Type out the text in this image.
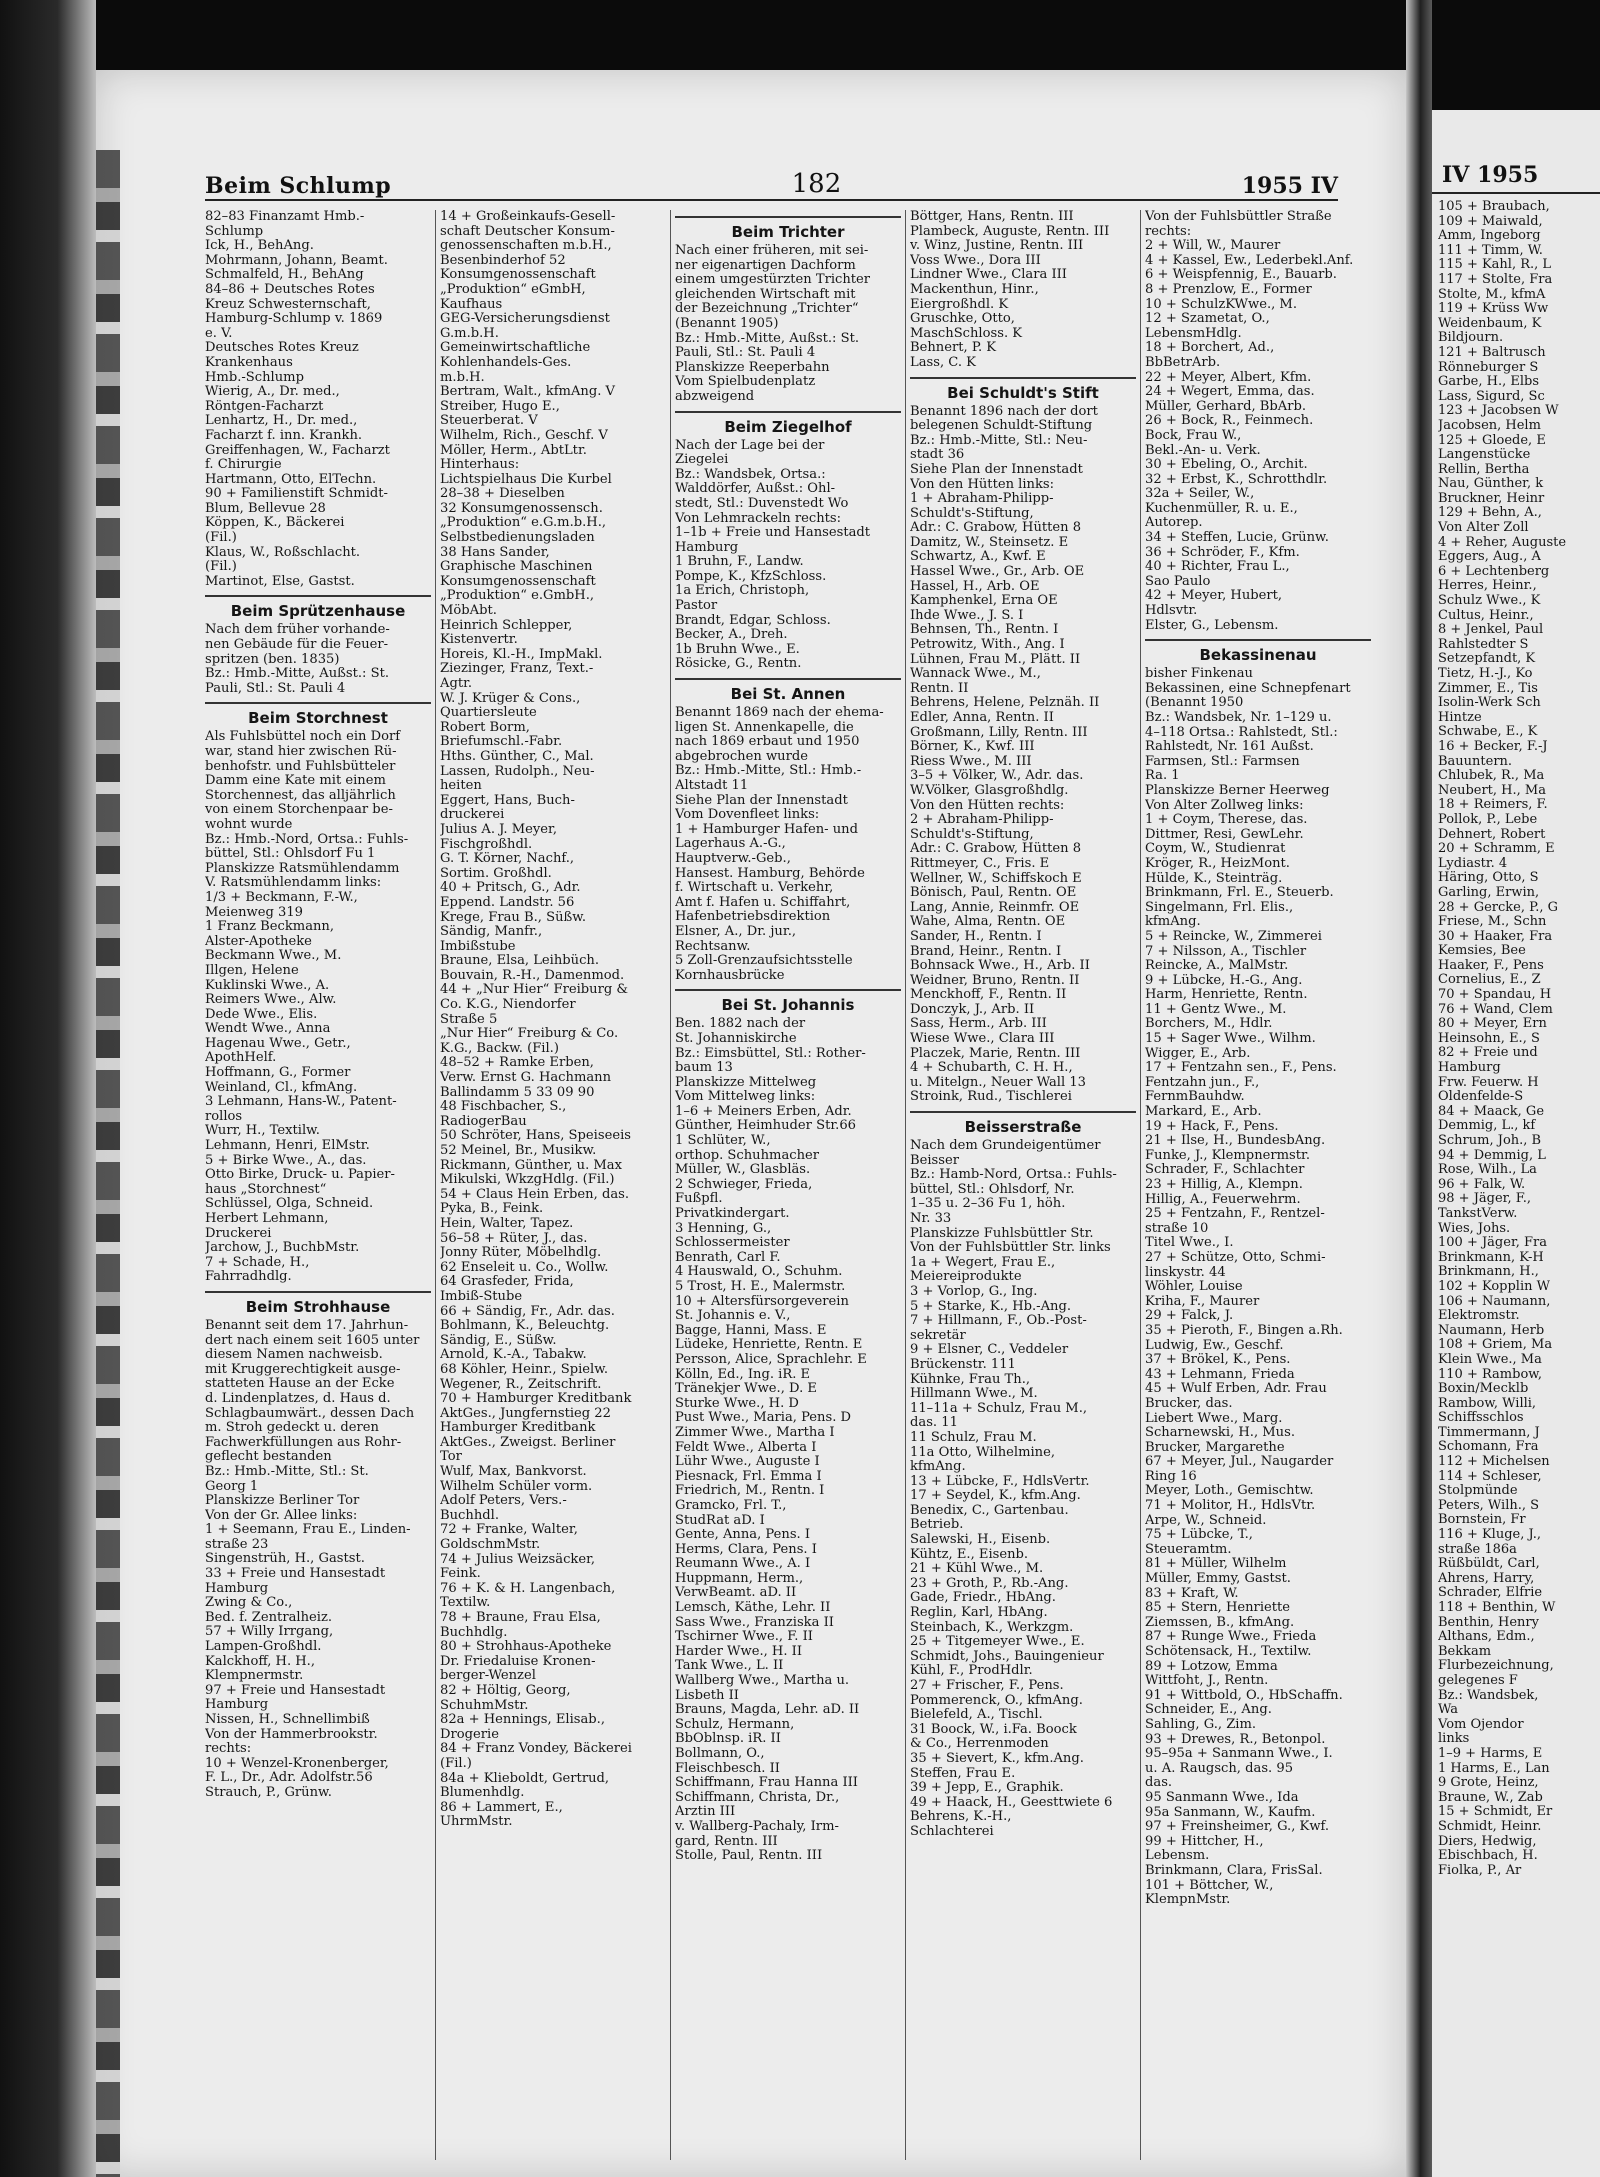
Beim Schlump	182	1955 IV
82–83 Finanzamt Hmb.-
Schlump
Ick, H., BehAng.
Mohrmann, Johann, Beamt.
Schmalfeld, H., BehAng
84–86 + Deutsches Rotes
Kreuz Schwesternschaft,
Hamburg-Schlump v. 1869
e. V.
Deutsches Rotes Kreuz
Krankenhaus
Hmb.-Schlump
Wierig, A., Dr. med.,
Röntgen-Facharzt
Lenhartz, H., Dr. med.,
Facharzt f. inn. Krankh.
Greiffenhagen, W., Facharzt
f. Chirurgie
Hartmann, Otto, ElTechn.
90 + Familienstift Schmidt-
Blum, Bellevue 28
Köppen, K., Bäckerei
(Fil.)
Klaus, W., Roßschlacht.
(Fil.)
Martinot, Else, Gastst.
Beim Sprützenhause
Nach dem früher vorhande-
nen Gebäude für die Feuer-
spritzen (ben. 1835)
Bz.: Hmb.-Mitte, Außst.: St.
Pauli, Stl.: St. Pauli 4
Beim Storchnest
Als Fuhlsbüttel noch ein Dorf
war, stand hier zwischen Rü-
benhofstr. und Fuhlsbütteler
Damm eine Kate mit einem
Storchennest, das alljährlich
von einem Storchenpaar be-
wohnt wurde
Bz.: Hmb.-Nord, Ortsa.: Fuhls-
büttel, Stl.: Ohlsdorf Fu 1
Planskizze Ratsmühlendamm
V. Ratsmühlendamm links:
1/3 + Beckmann, F.-W.,
Meienweg 319
1 Franz Beckmann,
Alster-Apotheke
Beckmann Wwe., M.
Illgen, Helene
Kuklinski Wwe., A.
Reimers Wwe., Alw.
Dede Wwe., Elis.
Wendt Wwe., Anna
Hagenau Wwe., Getr.,
ApothHelf.
Hoffmann, G., Former
Weinland, Cl., kfmAng.
3 Lehmann, Hans-W., Patent-
rollos
Wurr, H., Textilw.
Lehmann, Henri, ElMstr.
5 + Birke Wwe., A., das.
Otto Birke, Druck- u. Papier-
haus „Storchnest“
Schlüssel, Olga, Schneid.
Herbert Lehmann,
Druckerei
Jarchow, J., BuchbMstr.
7 + Schade, H.,
Fahrradhdlg.
Beim Strohhause
Benannt seit dem 17. Jahrhun-
dert nach einem seit 1605 unter
diesem Namen nachweisb.
mit Kruggerechtigkeit ausge-
statteten Hause an der Ecke
d. Lindenplatzes, d. Haus d.
Schlagbaumwärt., dessen Dach
m. Stroh gedeckt u. deren
Fachwerkfüllungen aus Rohr-
geflecht bestanden
Bz.: Hmb.-Mitte, Stl.: St.
Georg 1
Planskizze Berliner Tor
Von der Gr. Allee links:
1 + Seemann, Frau E., Linden-
straße 23
Singenstrüh, H., Gastst.
33 + Freie und Hansestadt
Hamburg
Zwing & Co.,
Bed. f. Zentralheiz.
57 + Willy Irrgang,
Lampen-Großhdl.
Kalckhoff, H. H.,
Klempnermstr.
97 + Freie und Hansestadt
Hamburg
Nissen, H., Schnellimbiß
Von der Hammerbrookstr.
rechts:
10 + Wenzel-Kronenberger,
F. L., Dr., Adr. Adolfstr.56
Strauch, P., Grünw.
14 + Großeinkaufs-Gesell-
schaft Deutscher Konsum-
genossenschaften m.b.H.,
Besenbinderhof 52
Konsumgenossenschaft
„Produktion“ eGmbH,
Kaufhaus
GEG-Versicherungsdienst
G.m.b.H.
Gemeinwirtschaftliche
Kohlenhandels-Ges.
m.b.H.
Bertram, Walt., kfmAng. V
Streiber, Hugo E.,
Steuerberat. V
Wilhelm, Rich., Geschf. V
Möller, Herm., AbtLtr.
Hinterhaus:
Lichtspielhaus Die Kurbel
28–38 + Dieselben
32 Konsumgenossensch.
„Produktion“ e.G.m.b.H.,
Selbstbedienungsladen
38 Hans Sander,
Graphische Maschinen
Konsumgenossenschaft
„Produktion“ e.GmbH.,
MöbAbt.
Heinrich Schlepper,
Kistenvertr.
Horeis, Kl.-H., ImpMakl.
Ziezinger, Franz, Text.-
Agtr.
W. J. Krüger & Cons.,
Quartiersleute
Robert Borm,
Briefumschl.-Fabr.
Hths. Günther, C., Mal.
Lassen, Rudolph., Neu-
heiten
Eggert, Hans, Buch-
druckerei
Julius A. J. Meyer,
Fischgroßhdl.
G. T. Körner, Nachf.,
Sortim. Großhdl.
40 + Pritsch, G., Adr.
Eppend. Landstr. 56
Krege, Frau B., Süßw.
Sändig, Manfr.,
Imbißstube
Braune, Elsa, Leihbüch.
Bouvain, R.-H., Damenmod.
44 + „Nur Hier“ Freiburg &
Co. K.G., Niendorfer
Straße 5
„Nur Hier“ Freiburg & Co.
K.G., Backw. (Fil.)
48–52 + Ramke Erben,
Verw. Ernst G. Hachmann
Ballindamm 5 33 09 90
48 Fischbacher, S.,
RadiogerBau
50 Schröter, Hans, Speiseeis
52 Meinel, Br., Musikw.
Rickmann, Günther, u. Max
Mikulski, WkzgHdlg. (Fil.)
54 + Claus Hein Erben, das.
Pyka, B., Feink.
Hein, Walter, Tapez.
56–58 + Rüter, J., das.
Jonny Rüter, Möbelhdlg.
62 Enseleit u. Co., Wollw.
64 Grasfeder, Frida,
Imbiß-Stube
66 + Sändig, Fr., Adr. das.
Bohlmann, K., Beleuchtg.
Sändig, E., Süßw.
Arnold, K.-A., Tabakw.
68 Köhler, Heinr., Spielw.
Wegener, R., Zeitschrift.
70 + Hamburger Kreditbank
AktGes., Jungfernstieg 22
Hamburger Kreditbank
AktGes., Zweigst. Berliner
Tor
Wulf, Max, Bankvorst.
Wilhelm Schüler vorm.
Adolf Peters, Vers.-
Buchhdl.
72 + Franke, Walter,
GoldschmMstr.
74 + Julius Weizsäcker,
Feink.
76 + K. & H. Langenbach,
Textilw.
78 + Braune, Frau Elsa,
Buchhdlg.
80 + Strohhaus-Apotheke
Dr. Friedaluise Kronen-
berger-Wenzel
82 + Höltig, Georg,
SchuhmMstr.
82a + Hennings, Elisab.,
Drogerie
84 + Franz Vondey, Bäckerei
(Fil.)
84a + Klieboldt, Gertrud,
Blumenhdlg.
86 + Lammert, E.,
UhrmMstr.
Beim Trichter
Nach einer früheren, mit sei-
ner eigenartigen Dachform
einem umgestürzten Trichter
gleichenden Wirtschaft mit
der Bezeichnung „Trichter“
(Benannt 1905)
Bz.: Hmb.-Mitte, Außst.: St.
Pauli, Stl.: St. Pauli 4
Planskizze Reeperbahn
Vom Spielbudenplatz
abzweigend
Beim Ziegelhof
Nach der Lage bei der
Ziegelei
Bz.: Wandsbek, Ortsa.:
Walddörfer, Außst.: Ohl-
stedt, Stl.: Duvenstedt Wo
Von Lehmrackeln rechts:
1–1b + Freie und Hansestadt
Hamburg
1 Bruhn, F., Landw.
Pompe, K., KfzSchloss.
1a Erich, Christoph,
Pastor
Brandt, Edgar, Schloss.
Becker, A., Dreh.
1b Bruhn Wwe., E.
Rösicke, G., Rentn.
Bei St. Annen
Benannt 1869 nach der ehema-
ligen St. Annenkapelle, die
nach 1869 erbaut und 1950
abgebrochen wurde
Bz.: Hmb.-Mitte, Stl.: Hmb.-
Altstadt 11
Siehe Plan der Innenstadt
Vom Dovenfleet links:
1 + Hamburger Hafen- und
Lagerhaus A.-G.,
Hauptverw.-Geb.,
Hansest. Hamburg, Behörde
f. Wirtschaft u. Verkehr,
Amt f. Hafen u. Schiffahrt,
Hafenbetriebsdirektion
Elsner, A., Dr. jur.,
Rechtsanw.
5 Zoll-Grenzaufsichtsstelle
Kornhausbrücke
Bei St. Johannis
Ben. 1882 nach der
St. Johanniskirche
Bz.: Eimsbüttel, Stl.: Rother-
baum 13
Planskizze Mittelweg
Vom Mittelweg links:
1–6 + Meiners Erben, Adr.
Günther, Heimhuder Str.66
1 Schlüter, W.,
orthop. Schuhmacher
Müller, W., Glasbläs.
2 Schwieger, Frieda,
Fußpfl.
Privatkindergart.
3 Henning, G.,
Schlossermeister
Benrath, Carl F.
4 Hauswald, O., Schuhm.
5 Trost, H. E., Malermstr.
10 + Altersfürsorgeverein
St. Johannis e. V.,
Bagge, Hanni, Mass. E
Lüdeke, Henriette, Rentn. E
Persson, Alice, Sprachlehr. E
Kölln, Ed., Ing. iR. E
Tränekjer Wwe., D. E
Sturke Wwe., H. D
Pust Wwe., Maria, Pens. D
Zimmer Wwe., Martha I
Feldt Wwe., Alberta I
Lühr Wwe., Auguste I
Piesnack, Frl. Emma I
Friedrich, M., Rentn. I
Gramcko, Frl. T.,
StudRat aD. I
Gente, Anna, Pens. I
Herms, Clara, Pens. I
Reumann Wwe., A. I
Huppmann, Herm.,
VerwBeamt. aD. II
Lemsch, Käthe, Lehr. II
Sass Wwe., Franziska II
Tschirner Wwe., F. II
Harder Wwe., H. II
Tank Wwe., L. II
Wallberg Wwe., Martha u.
Lisbeth II
Brauns, Magda, Lehr. aD. II
Schulz, Hermann,
BbOblnsp. iR. II
Bollmann, O.,
Fleischbesch. II
Schiffmann, Frau Hanna III
Schiffmann, Christa, Dr.,
Ärztin III
v. Wallberg-Pachaly, Irm-
gard, Rentn. III
Stolle, Paul, Rentn. III
Böttger, Hans, Rentn. III
Plambeck, Auguste, Rentn. III
v. Winz, Justine, Rentn. III
Voss Wwe., Dora III
Lindner Wwe., Clara III
Mackenthun, Hinr.,
Eiergroßhdl. K
Gruschke, Otto,
MaschSchloss. K
Behnert, P. K
Lass, C. K
Bei Schuldt's Stift
Benannt 1896 nach der dort
belegenen Schuldt-Stiftung
Bz.: Hmb.-Mitte, Stl.: Neu-
stadt 36
Siehe Plan der Innenstadt
Von den Hütten links:
1 + Abraham-Philipp-
Schuldt's-Stiftung,
Adr.: C. Grabow, Hütten 8
Damitz, W., Steinsetz. E
Schwartz, A., Kwf. E
Hassel Wwe., Gr., Arb. OE
Hassel, H., Arb. OE
Kamphenkel, Erna OE
Ihde Wwe., J. S. I
Behnsen, Th., Rentn. I
Petrowitz, With., Ang. I
Lühnen, Frau M., Plätt. II
Wannack Wwe., M.,
Rentn. II
Behrens, Helene, Pelznäh. II
Edler, Anna, Rentn. II
Großmann, Lilly, Rentn. III
Börner, K., Kwf. III
Riess Wwe., M. III
3–5 + Völker, W., Adr. das.
W.Völker, Glasgroßhdlg.
Von den Hütten rechts:
2 + Abraham-Philipp-
Schuldt's-Stiftung,
Adr.: C. Grabow, Hütten 8
Rittmeyer, C., Fris. E
Wellner, W., Schiffskoch E
Bönisch, Paul, Rentn. OE
Lang, Annie, Reinmfr. OE
Wahe, Alma, Rentn. OE
Sander, H., Rentn. I
Brand, Heinr., Rentn. I
Bohnsack Wwe., H., Arb. II
Weidner, Bruno, Rentn. II
Menckhoff, F., Rentn. II
Donczyk, J., Arb. II
Sass, Herm., Arb. III
Wiese Wwe., Clara III
Placzek, Marie, Rentn. III
4 + Schubarth, C. H. H.,
u. Mitelgn., Neuer Wall 13
Stroink, Rud., Tischlerei
Beisserstraße
Nach dem Grundeigentümer
Beisser
Bz.: Hamb-Nord, Ortsa.: Fuhls-
büttel, Stl.: Ohlsdorf, Nr.
1–35 u. 2–36 Fu 1, höh.
Nr. 33
Planskizze Fuhlsbüttler Str.
Von der Fuhlsbüttler Str. links
1a + Wegert, Frau E.,
Meiereiprodukte
3 + Vorlop, G., Ing.
5 + Starke, K., Hb.-Ang.
7 + Hillmann, F., Ob.-Post-
sekretär
9 + Elsner, C., Veddeler
Brückenstr. 111
Kühnke, Frau Th.,
Hillmann Wwe., M.
11–11a + Schulz, Frau M.,
das. 11
11 Schulz, Frau M.
11a Otto, Wilhelmine,
kfmAng.
13 + Lübcke, F., HdlsVertr.
17 + Seydel, K., kfm.Ang.
Benedix, C., Gartenbau.
Betrieb.
Salewski, H., Eisenb.
Kühtz, E., Eisenb.
21 + Kühl Wwe., M.
23 + Groth, P., Rb.-Ang.
Gade, Friedr., HbAng.
Reglin, Karl, HbAng.
Steinbach, K., Werkzgm.
25 + Titgemeyer Wwe., E.
Schmidt, Johs., Bauingenieur
Kühl, F., ProdHdlr.
27 + Frischer, F., Pens.
Pommerenck, O., kfmAng.
Bielefeld, A., Tischl.
31 Boock, W., i.Fa. Boock
& Co., Herrenmoden
35 + Sievert, K., kfm.Ang.
Steffen, Frau E.
39 + Jepp, E., Graphik.
49 + Haack, H., Geesttwiete 6
Behrens, K.-H.,
Schlachterei
Von der Fuhlsbüttler Straße
rechts:
2 + Will, W., Maurer
4 + Kassel, Ew., Lederbekl.Anf.
6 + Weispfennig, E., Bauarb.
8 + Prenzlow, E., Former
10 + SchulzKWwe., M.
12 + Szametat, O.,
LebensmHdlg.
18 + Borchert, Ad.,
BbBetrArb.
22 + Meyer, Albert, Kfm.
24 + Wegert, Emma, das.
Müller, Gerhard, BbArb.
26 + Bock, R., Feinmech.
Bock, Frau W.,
Bekl.-An- u. Verk.
30 + Ebeling, O., Archit.
32 + Erbst, K., Schrotthdlr.
32a + Seiler, W.,
Kuchenmüller, R. u. E.,
Autorep.
34 + Steffen, Lucie, Grünw.
36 + Schröder, F., Kfm.
40 + Richter, Frau L.,
Sao Paulo
42 + Meyer, Hubert,
Hdlsvtr.
Elster, G., Lebensm.
Bekassinenau
bisher Finkenau
Bekassinen, eine Schnepfenart
(Benannt 1950
Bz.: Wandsbek, Nr. 1–129 u.
4–118 Ortsa.: Rahlstedt, Stl.:
Rahlstedt, Nr. 161 Außst.
Farmsen, Stl.: Farmsen
Ra. 1
Planskizze Berner Heerweg
Von Alter Zollweg links:
1 + Coym, Therese, das.
Dittmer, Resi, GewLehr.
Coym, W., Studienrat
Kröger, R., HeizMont.
Hülde, K., Steinträg.
Brinkmann, Frl. E., Steuerb.
Singelmann, Frl. Elis.,
kfmAng.
5 + Reincke, W., Zimmerei
7 + Nilsson, A., Tischler
Reincke, A., MalMstr.
9 + Lübcke, H.-G., Ang.
Harm, Henriette, Rentn.
11 + Gentz Wwe., M.
Borchers, M., Hdlr.
15 + Sager Wwe., Wilhm.
Wigger, E., Arb.
17 + Fentzahn sen., F., Pens.
Fentzahn jun., F.,
FernmBauhdw.
Markard, E., Arb.
19 + Hack, F., Pens.
21 + Ilse, H., BundesbAng.
Funke, J., Klempnermstr.
Schrader, F., Schlachter
23 + Hillig, A., Klempn.
Hillig, A., Feuerwehrm.
25 + Fentzahn, F., Rentzel-
straße 10
Titel Wwe., I.
27 + Schütze, Otto, Schmi-
linskystr. 44
Wöhler, Louise
Kriha, F., Maurer
29 + Falck, J.
35 + Pieroth, F., Bingen a.Rh.
Ludwig, Ew., Geschf.
37 + Brökel, K., Pens.
43 + Lehmann, Frieda
45 + Wulf Erben, Adr. Frau
Brucker, das.
Liebert Wwe., Marg.
Scharnewski, H., Mus.
Brucker, Margarethe
67 + Meyer, Jul., Naugarder
Ring 16
Meyer, Loth., Gemischtw.
71 + Molitor, H., HdlsVtr.
Arpe, W., Schneid.
75 + Lübcke, T.,
Steueramtm.
81 + Müller, Wilhelm
Müller, Emmy, Gastst.
83 + Kraft, W.
85 + Stern, Henriette
Ziemssen, B., kfmAng.
87 + Runge Wwe., Frieda
Schötensack, H., Textilw.
89 + Lotzow, Emma
Wittfoht, J., Rentn.
91 + Wittbold, O., HbSchaffn.
Schneider, E., Ang.
Sahling, G., Zim.
93 + Drewes, R., Betonpol.
95–95a + Sanmann Wwe., I.
u. A. Raugsch, das. 95
das.
95 Sanmann Wwe., Ida
95a Sanmann, W., Kaufm.
97 + Freinsheimer, G., Kwf.
99 + Hittcher, H.,
Lebensm.
Brinkmann, Clara, FrisSal.
101 + Böttcher, W.,
KlempnMstr.
IV 1955
105 + Braubach,
109 + Maiwald,
Amm, Ingeborg
111 + Timm, W.
115 + Kahl, R., L
117 + Stolte, Fra
Stolte, M., kfmA
119 + Krüss Ww
Weidenbaum, K
Bildjourn.
121 + Baltrusch
Rönneburger S
Garbe, H., Elbs
Lass, Sigurd, Sc
123 + Jacobsen W
Jacobsen, Helm
125 + Gloede, E
Langenstücke
Rellin, Bertha
Nau, Günther, k
Bruckner, Heinr
129 + Behn, A.,
Von Alter Zoll
4 + Reher, Auguste
Eggers, Aug., A
6 + Lechtenberg
Herres, Heinr.,
Schulz Wwe., K
Cultus, Heinr.,
8 + Jenkel, Paul
Rahlstedter S
Setzepfandt, K
Tietz, H.-J., Ko
Zimmer, E., Tis
Isolin-Werk Sch
Hintze
Schwabe, E., K
16 + Becker, F.-J
Bauuntern.
Chlubek, R., Ma
Neubert, H., Ma
18 + Reimers, F.
Pollok, P., Lebe
Dehnert, Robert
20 + Schramm, E
Lydiastr. 4
Häring, Otto, S
Garling, Erwin,
28 + Gercke, P., G
Friese, M., Schn
30 + Haaker, Fra
Kemsies, Bee
Haaker, F., Pens
Cornelius, E., Z
70 + Spandau, H
76 + Wand, Clem
80 + Meyer, Ern
Heinsohn, E., S
82 + Freie und
Hamburg
Frw. Feuerw. H
Oldenfelde-S
84 + Maack, Ge
Demmig, L., kf
Schrum, Joh., B
94 + Demmig, L
Rose, Wilh., La
96 + Falk, W.
98 + Jäger, F.,
TankstVerw.
Wies, Johs.
100 + Jäger, Fra
Brinkmann, K-H
Brinkmann, H.,
102 + Kopplin W
106 + Naumann,
Elektromstr.
Naumann, Herb
108 + Griem, Ma
Klein Wwe., Ma
110 + Rambow,
Boxin/Mecklb
Rambow, Willi,
Schiffsschlos
Timmermann, J
Schomann, Fra
112 + Michelsen
114 + Schleser,
Stolpmünde
Peters, Wilh., S
Bornstein, Fr
116 + Kluge, J.,
straße 186a
Rüßbüldt, Carl,
Ahrens, Harry,
Schrader, Elfrie
118 + Benthin, W
Benthin, Henry
Althans, Edm.,
Bekkam
Flurbezeichnung,
gelegenes F
Bz.: Wandsbek,
Wa
Vom Ojendor
links
1–9 + Harms, E
1 Harms, E., Lan
9 Grote, Heinz,
Braune, W., Zab
15 + Schmidt, Er
Schmidt, Heinr.
Diers, Hedwig,
Ebischbach, H.
Fiolka, P., Ar
